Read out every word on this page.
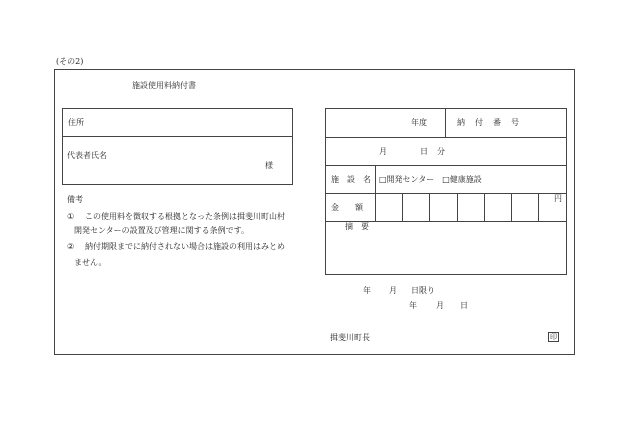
(その2)
施設使用料納付書
住所
代表者氏名
様
備考
① この使用料を徴収する根拠となった条例は揖斐川町山村
開発センターの設置及び管理に関する条例です。
② 納付期限までに納付されない場合は施設の利用はみとめ
ません。
年度	納　付　番　号
月	日 分
施　設　名 □開発センター　□健康施設
金　　額
円
摘　要
年 月 日限り
年 月 日
揖斐川町長	印
